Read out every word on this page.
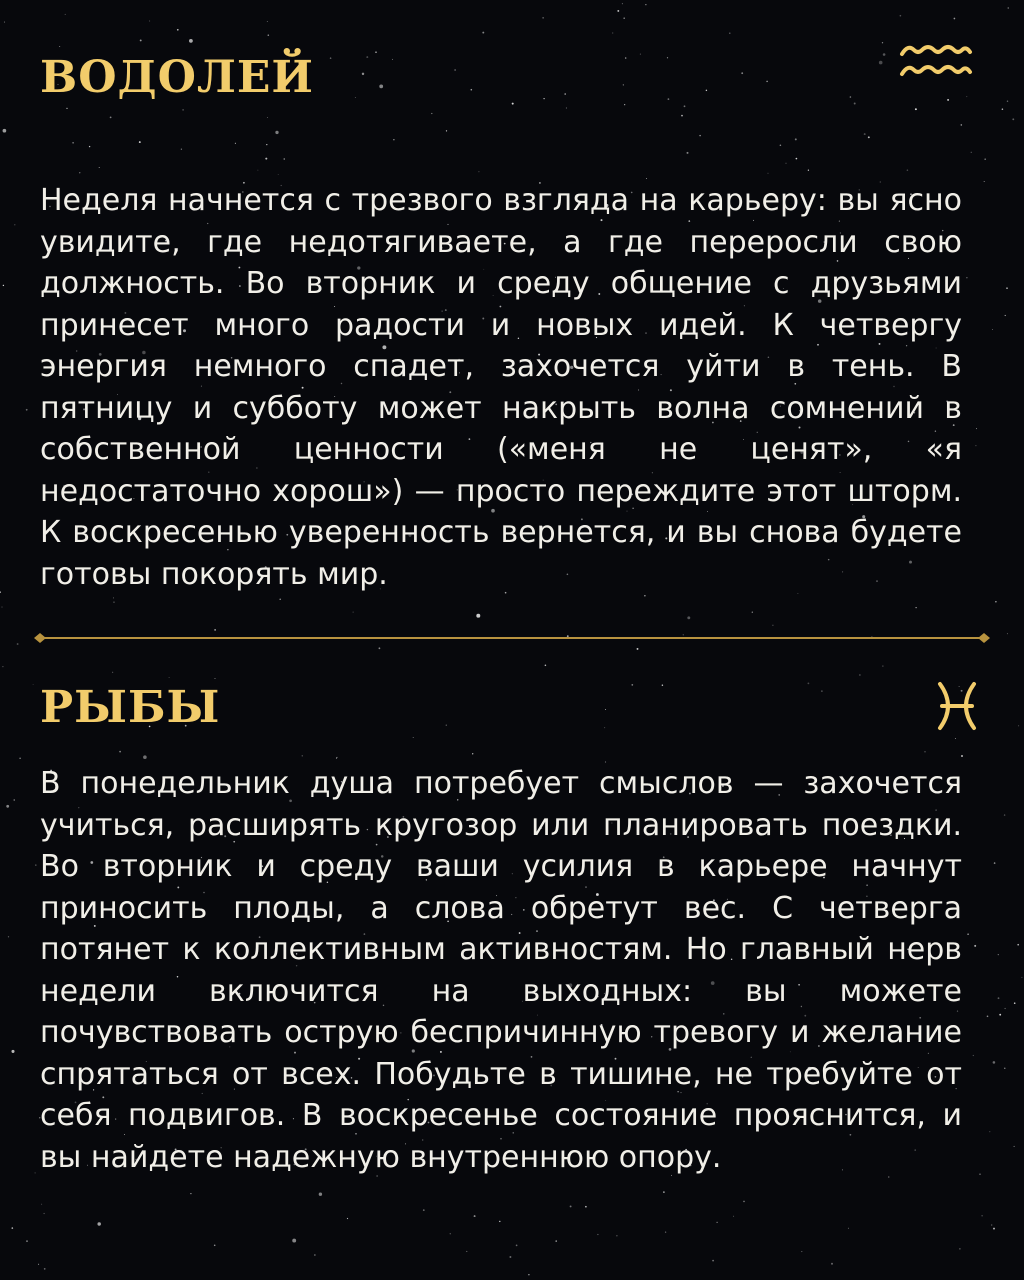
ВОДОЛЕЙ

Неделя начнется с трезвого взгляда на карьеру: вы ясно увидите, где недотягиваете, а где переросли свою должность. Во вторник и среду общение с друзьями принесет много радости и новых идей. К четвергу энергия немного спадет, захочется уйти в тень. В пятницу и субботу может накрыть волна сомнений в собственной ценности («меня не ценят», «я недостаточно хорош») — просто переждите этот шторм. К воскресенью уверенность вернется, и вы снова будете готовы покорять мир.

РЫБЫ

В понедельник душа потребует смыслов — захочется учиться, расширять кругозор или планировать поездки. Во вторник и среду ваши усилия в карьере начнут приносить плоды, а слова обретут вес. С четверга потянет к коллективным активностям. Но главный нерв недели включится на выходных: вы можете почувствовать острую беспричинную тревогу и желание спрятаться от всех. Побудьте в тишине, не требуйте от себя подвигов. В воскресенье состояние прояснится, и вы найдете надежную внутреннюю опору.
